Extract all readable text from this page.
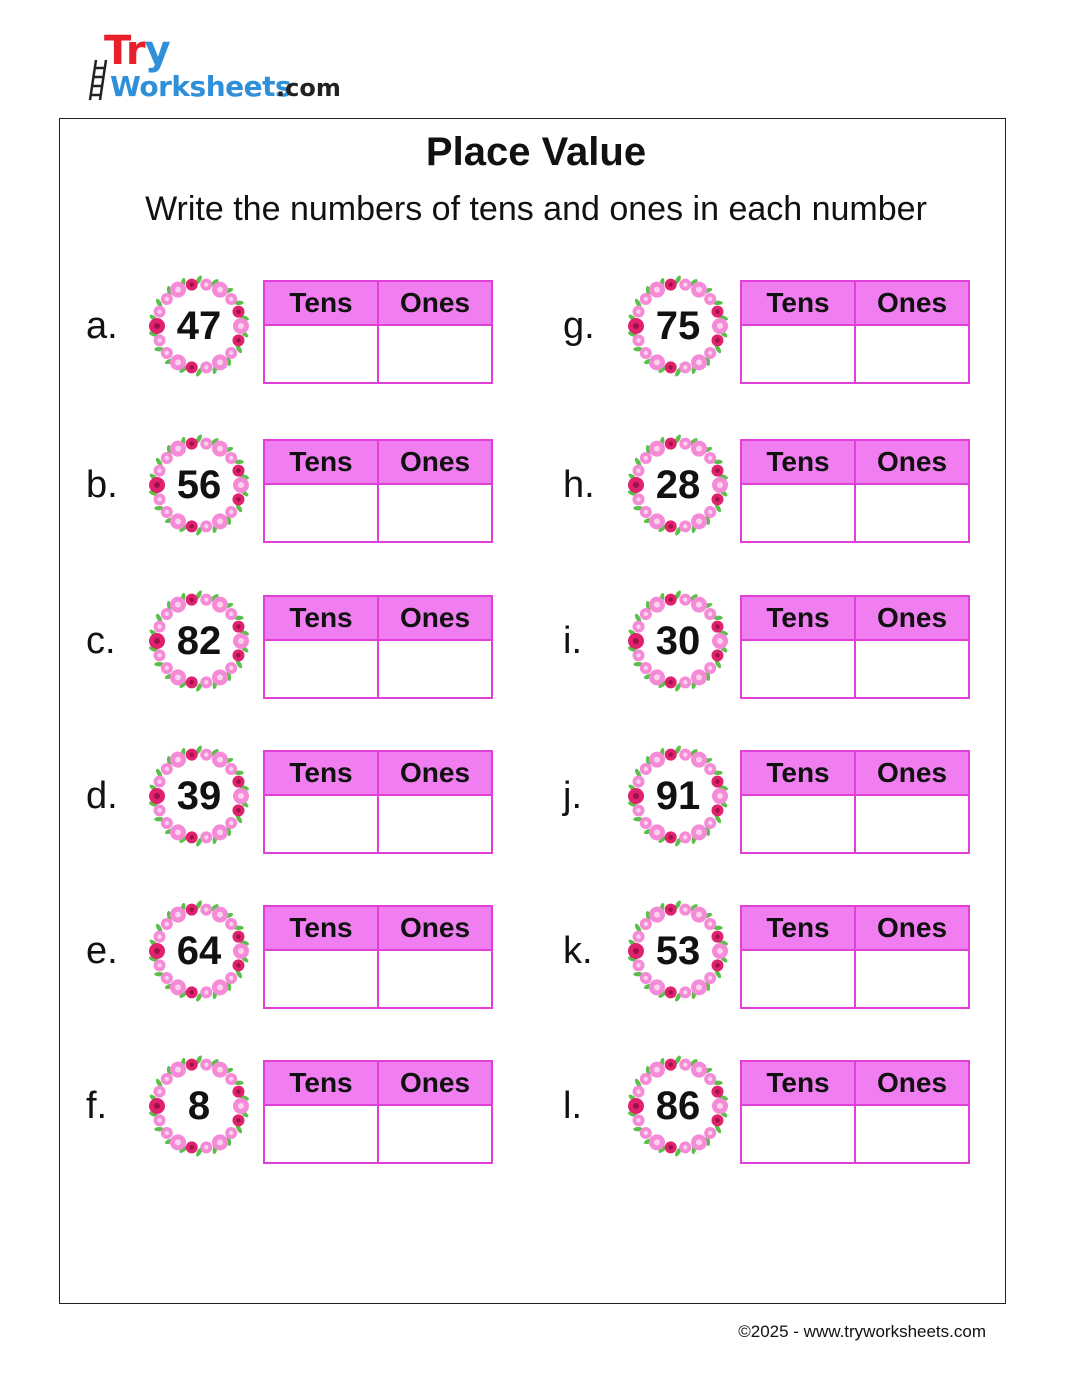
Try
Worksheets
.com
Place Value
Write the numbers of tens and ones in each number
a.	47
Tens	Ones

b.	56
Tens	Ones

c.	82
Tens	Ones

d.	39
Tens	Ones

e.	64
Tens	Ones

f.	8
Tens	Ones

g.	75
Tens	Ones

h.	28
Tens	Ones

i.	30
Tens	Ones

j.	91
Tens	Ones

k.	53
Tens	Ones

l.	86
Tens	Ones

©2025 - www.tryworksheets.com
